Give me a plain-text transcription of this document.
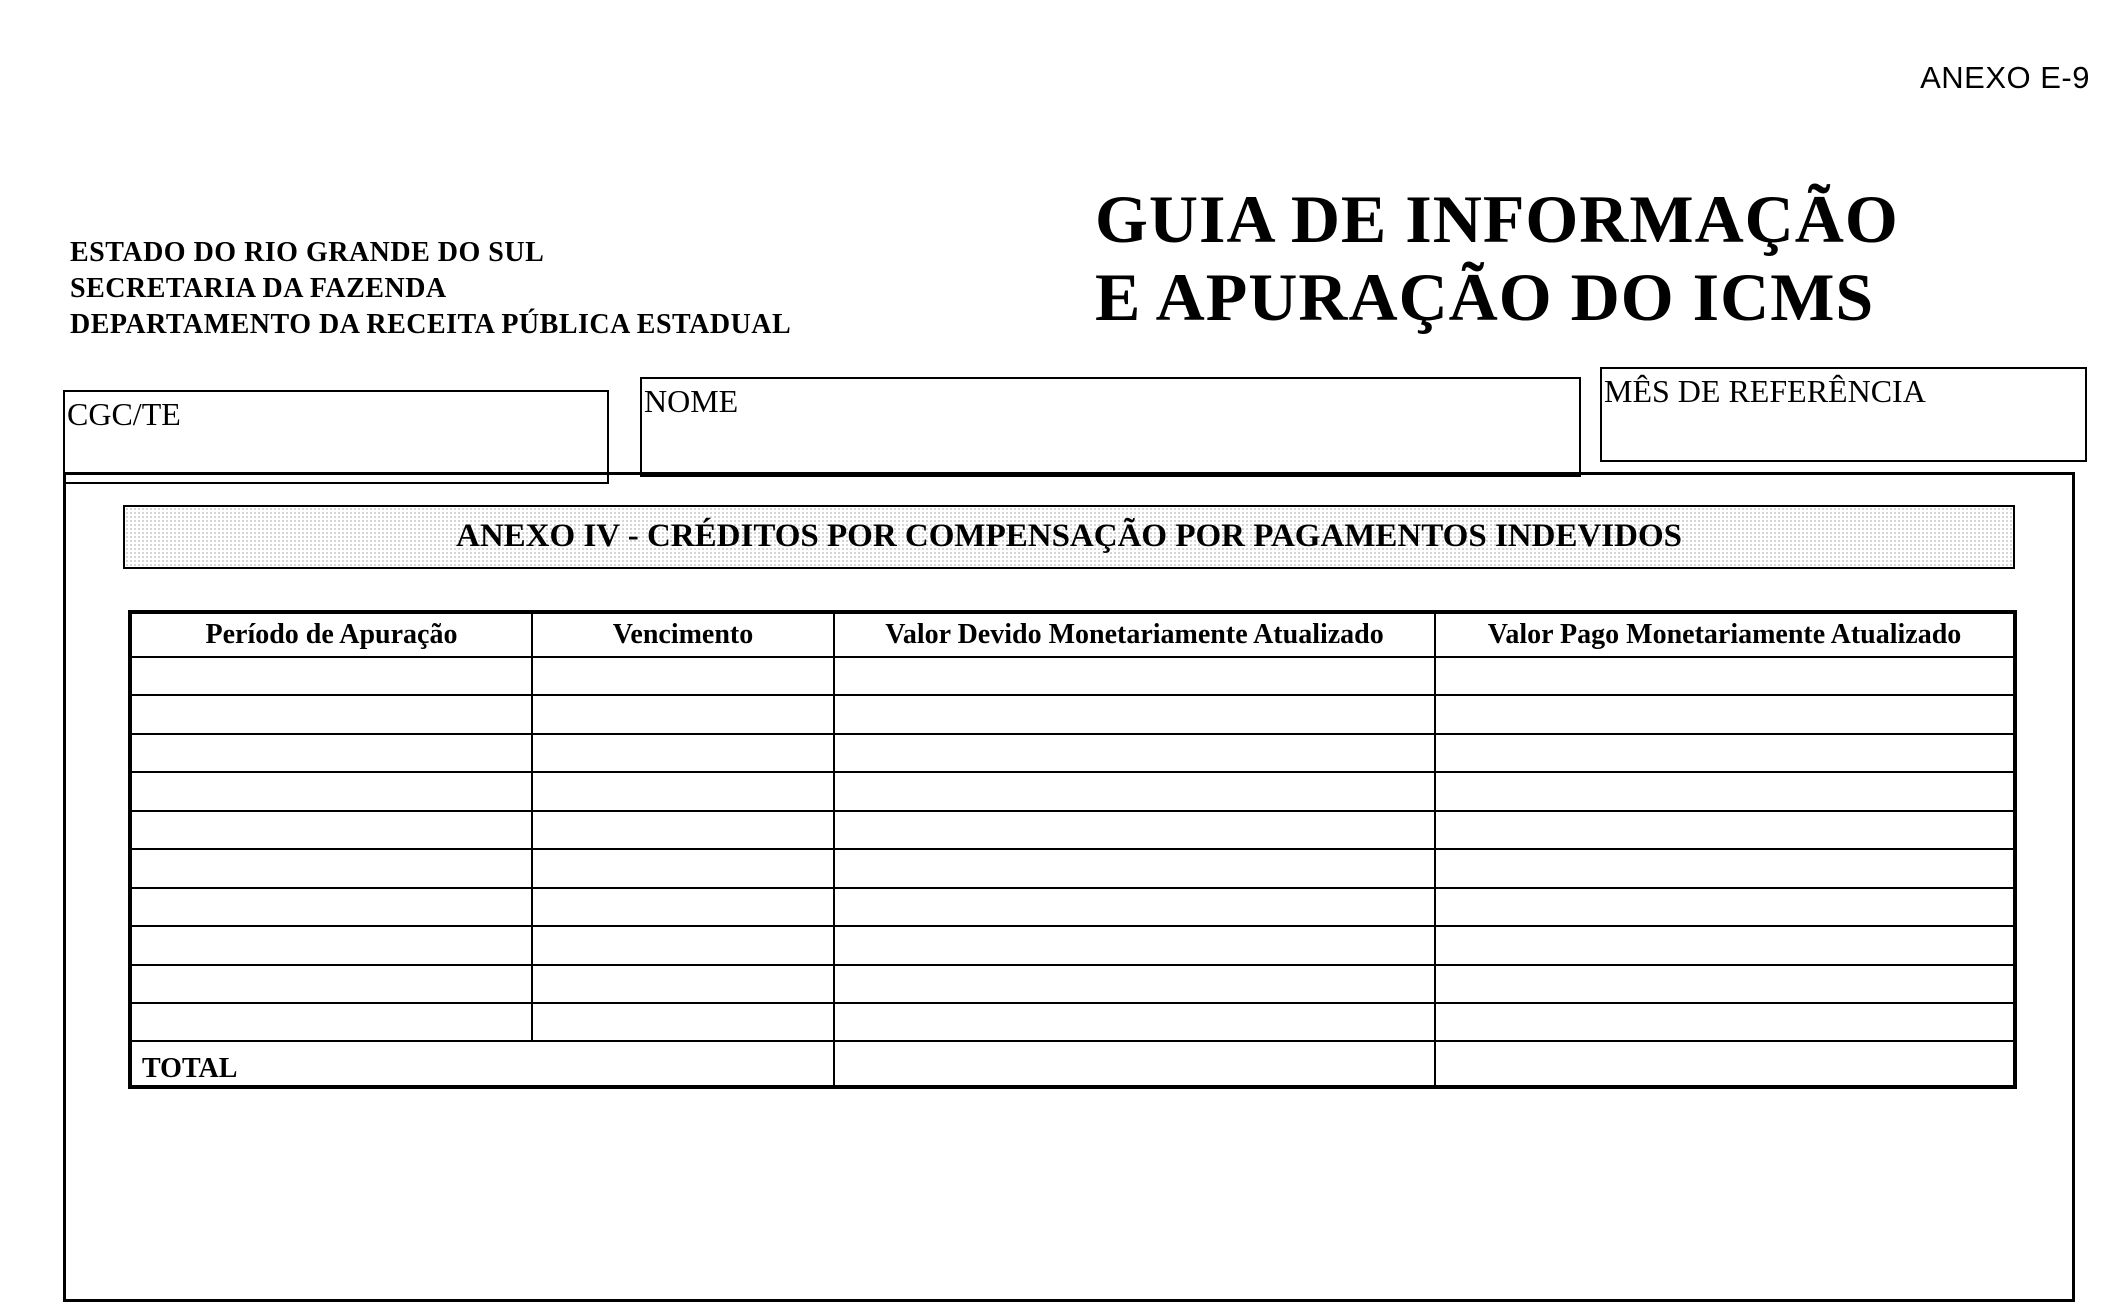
ANEXO E-9
ESTADO DO RIO GRANDE DO SUL
SECRETARIA DA FAZENDA
DEPARTAMENTO DA RECEITA PÚBLICA ESTADUAL
GUIA DE INFORMAÇÃO
E APURAÇÃO DO ICMS
CGC/TE	NOME	MÊS DE REFERÊNCIA
ANEXO IV - CRÉDITOS POR COMPENSAÇÃO POR PAGAMENTOS INDEVIDOS
Período de Apuração	Vencimento	Valor Devido Monetariamente Atualizado	Valor Pago Monetariamente Atualizado

TOTAL			
